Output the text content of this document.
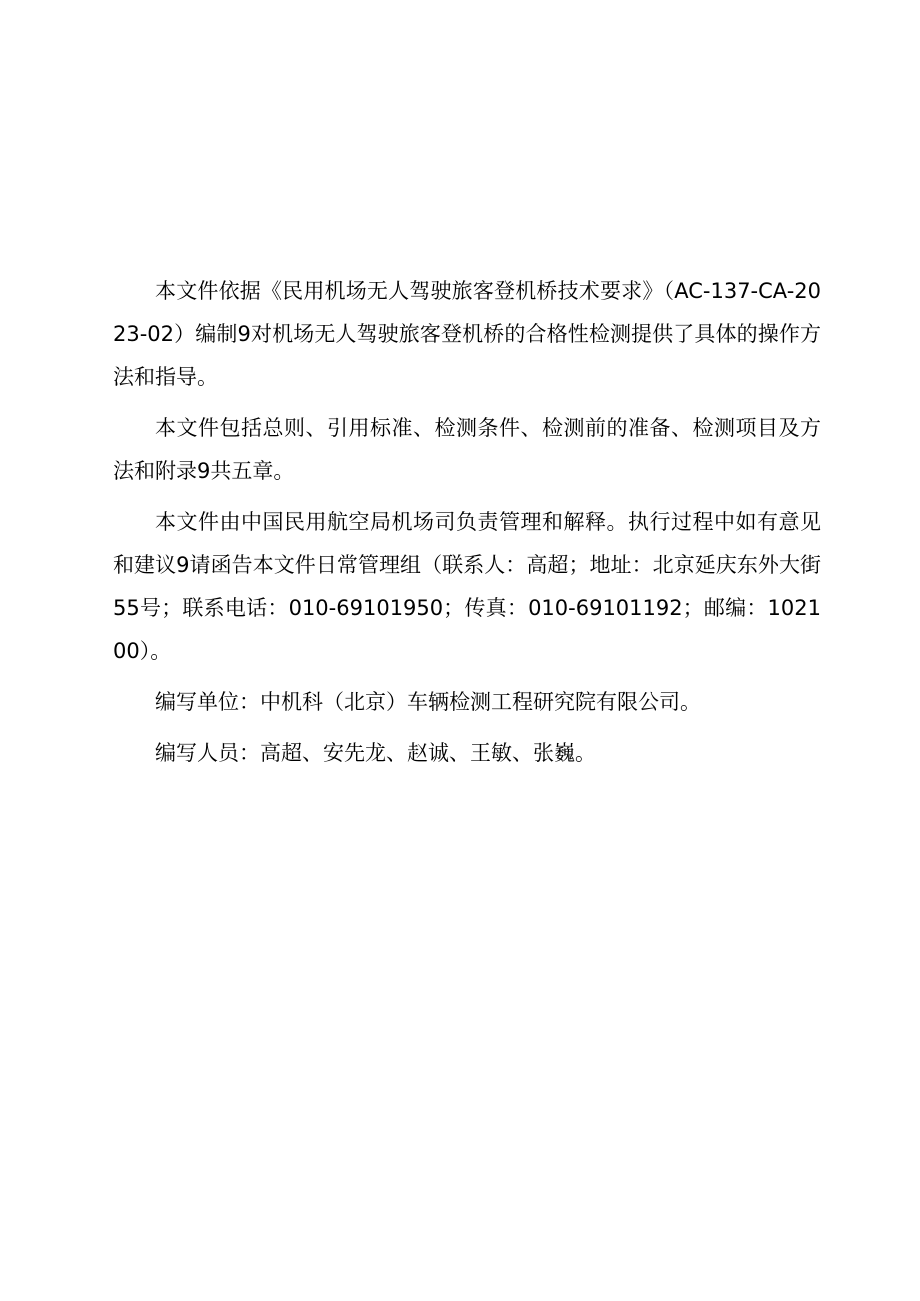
本文件依据《民用机场无人驾驶旅客登机桥技术要求》（AC-137-CA-2023-02）编制9对机场无人驾驶旅客登机桥的合格性检测提供了具体的操作方法和指导。

本文件包括总则、引用标准、检测条件、检测前的准备、检测项目及方法和附录9共五章。

本文件由中国民用航空局机场司负责管理和解释。执行过程中如有意见和建议9请函告本文件日常管理组（联系人：高超；地址：北京延庆东外大街55号；联系电话：010-69101950；传真：010-69101192；邮编：102100）。

编写单位：中机科（北京）车辆检测工程研究院有限公司。

编写人员：高超、安先龙、赵诚、王敏、张巍。
